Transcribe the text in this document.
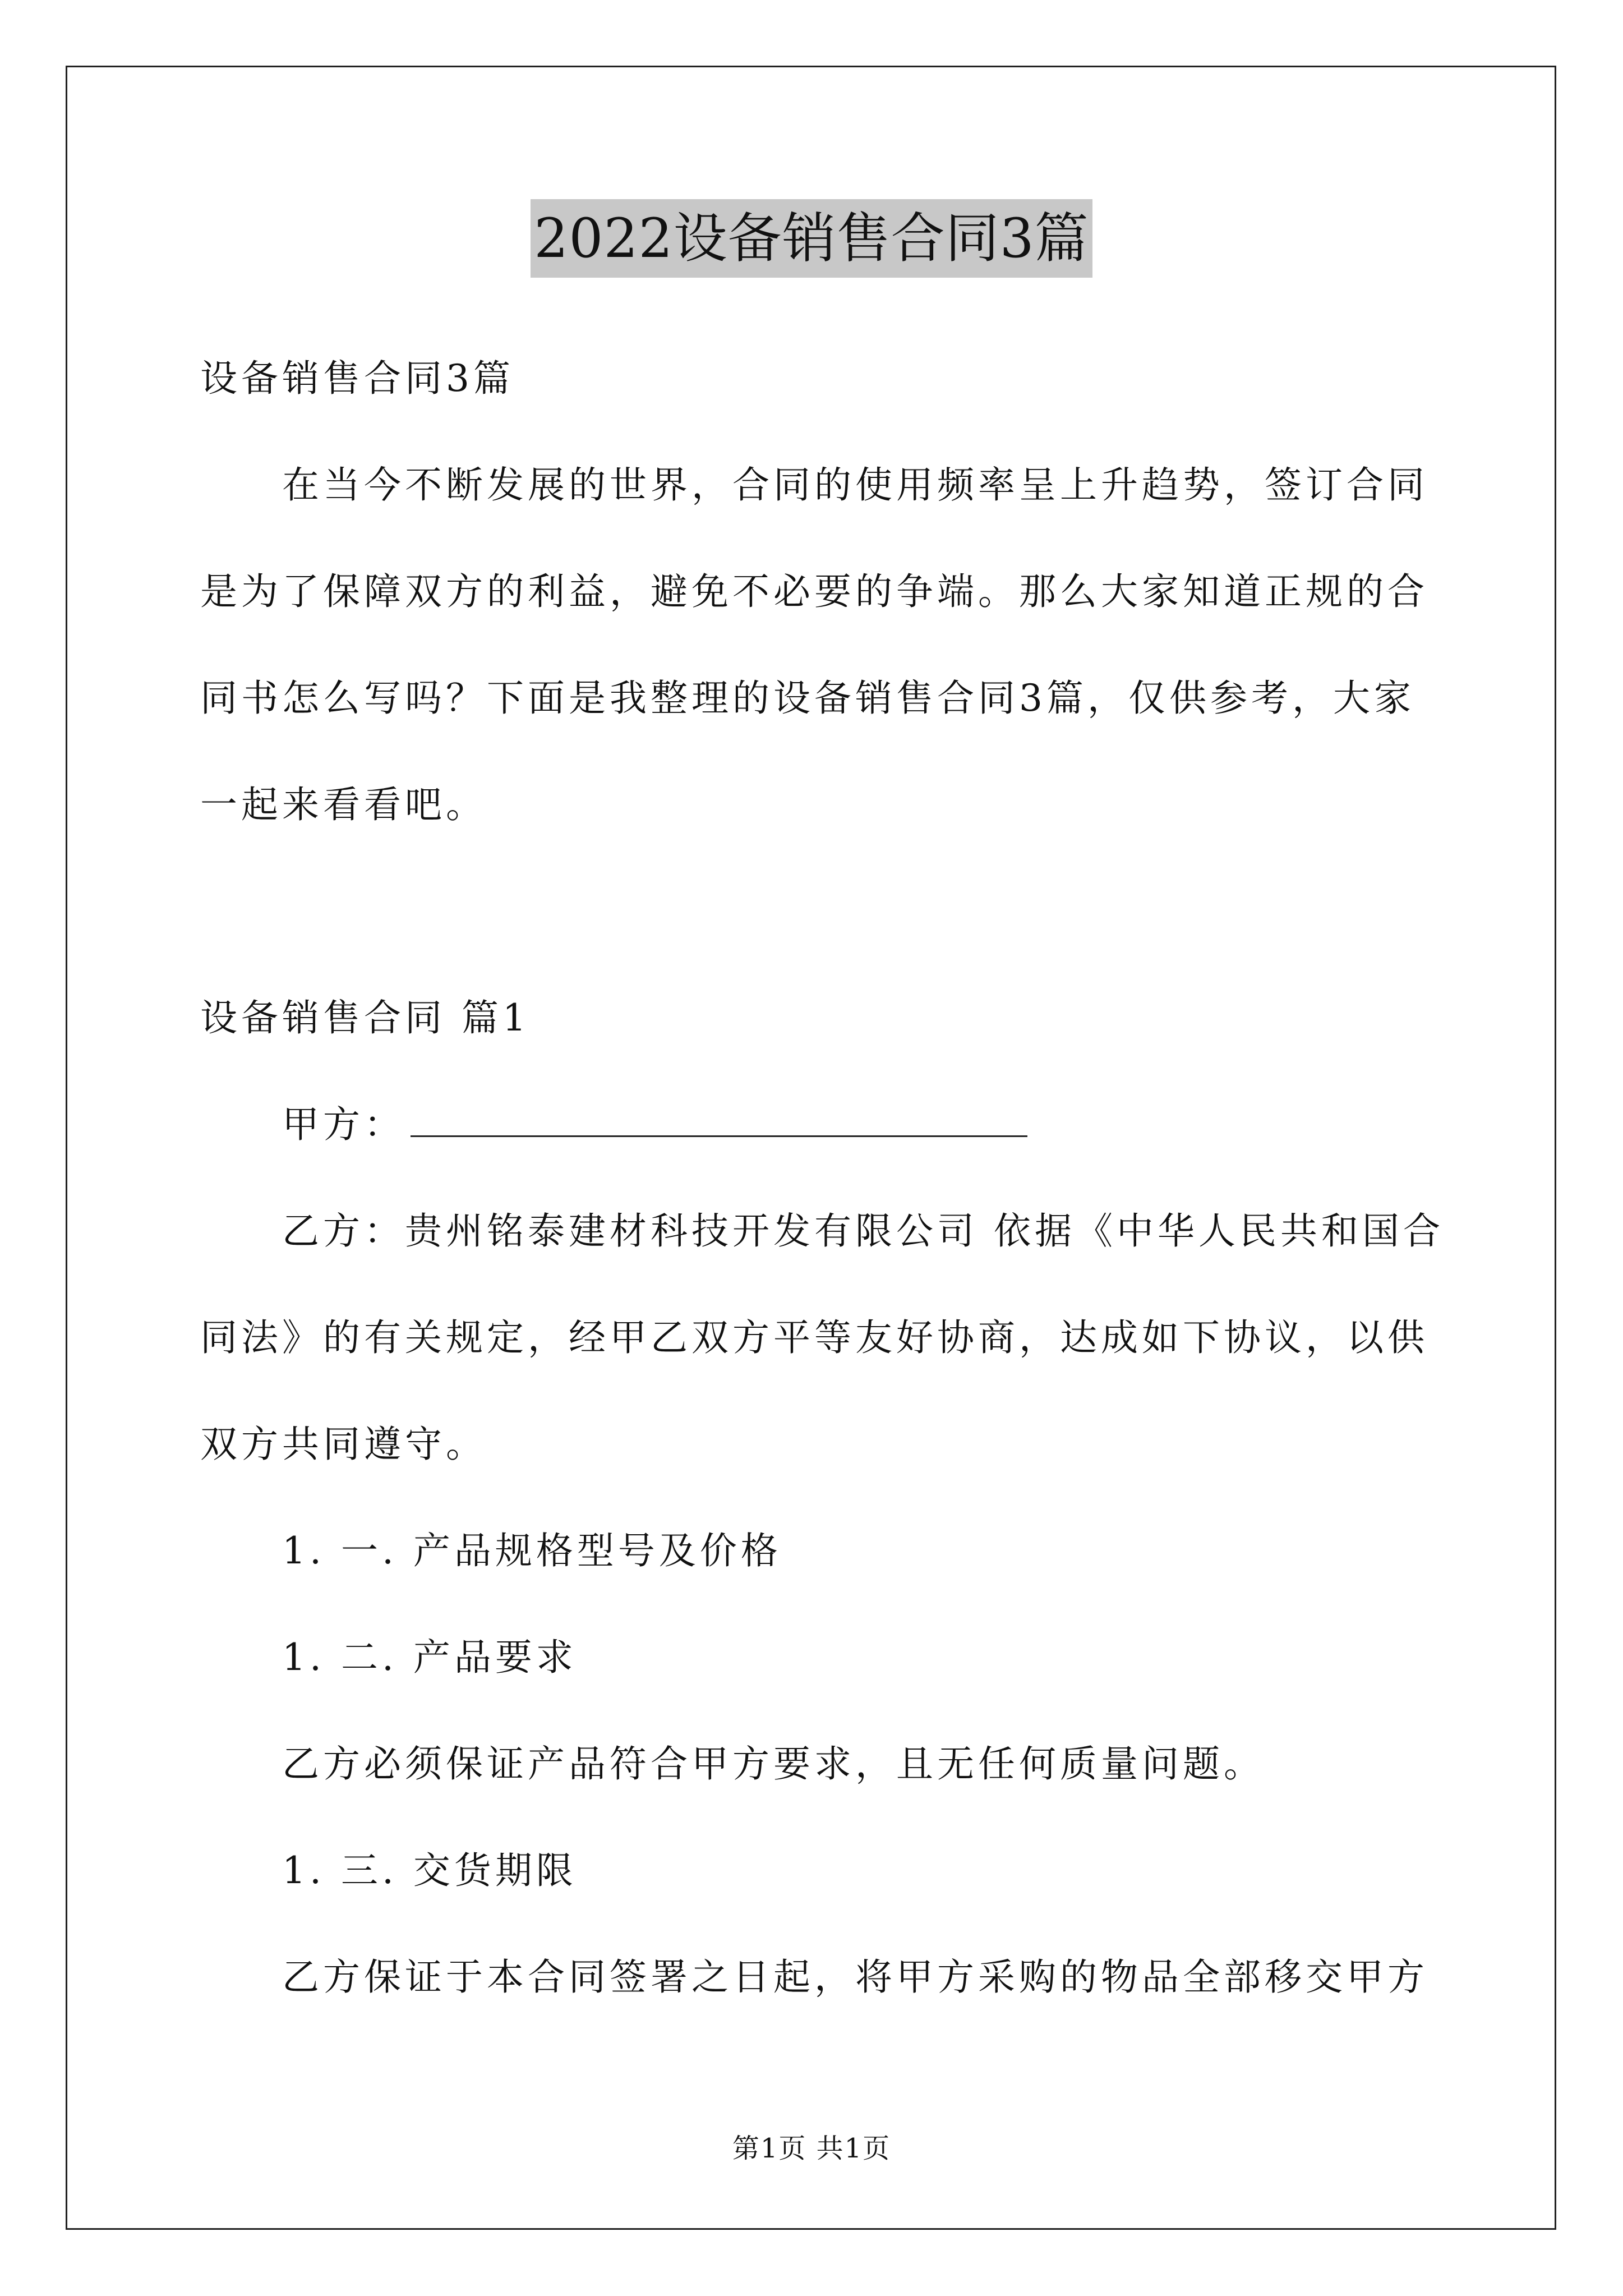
2022设备销售合同3篇
设备销售合同3篇
在当今不断发展的世界，合同的使用频率呈上升趋势，签订合同
是为了保障双方的利益，避免不必要的争端。那么大家知道正规的合
同书怎么写吗？下面是我整理的设备销售合同3篇，仅供参考，大家
一起来看看吧。
设备销售合同 篇1
甲方：
乙方：贵州铭泰建材科技开发有限公司 依据《中华人民共和国合
同法》的有关规定，经甲乙双方平等友好协商，达成如下协议，以供
双方共同遵守。
1. 一. 产品规格型号及价格
1. 二. 产品要求
乙方必须保证产品符合甲方要求，且无任何质量问题。
1. 三. 交货期限
乙方保证于本合同签署之日起，将甲方采购的物品全部移交甲方
第1页 共1页
